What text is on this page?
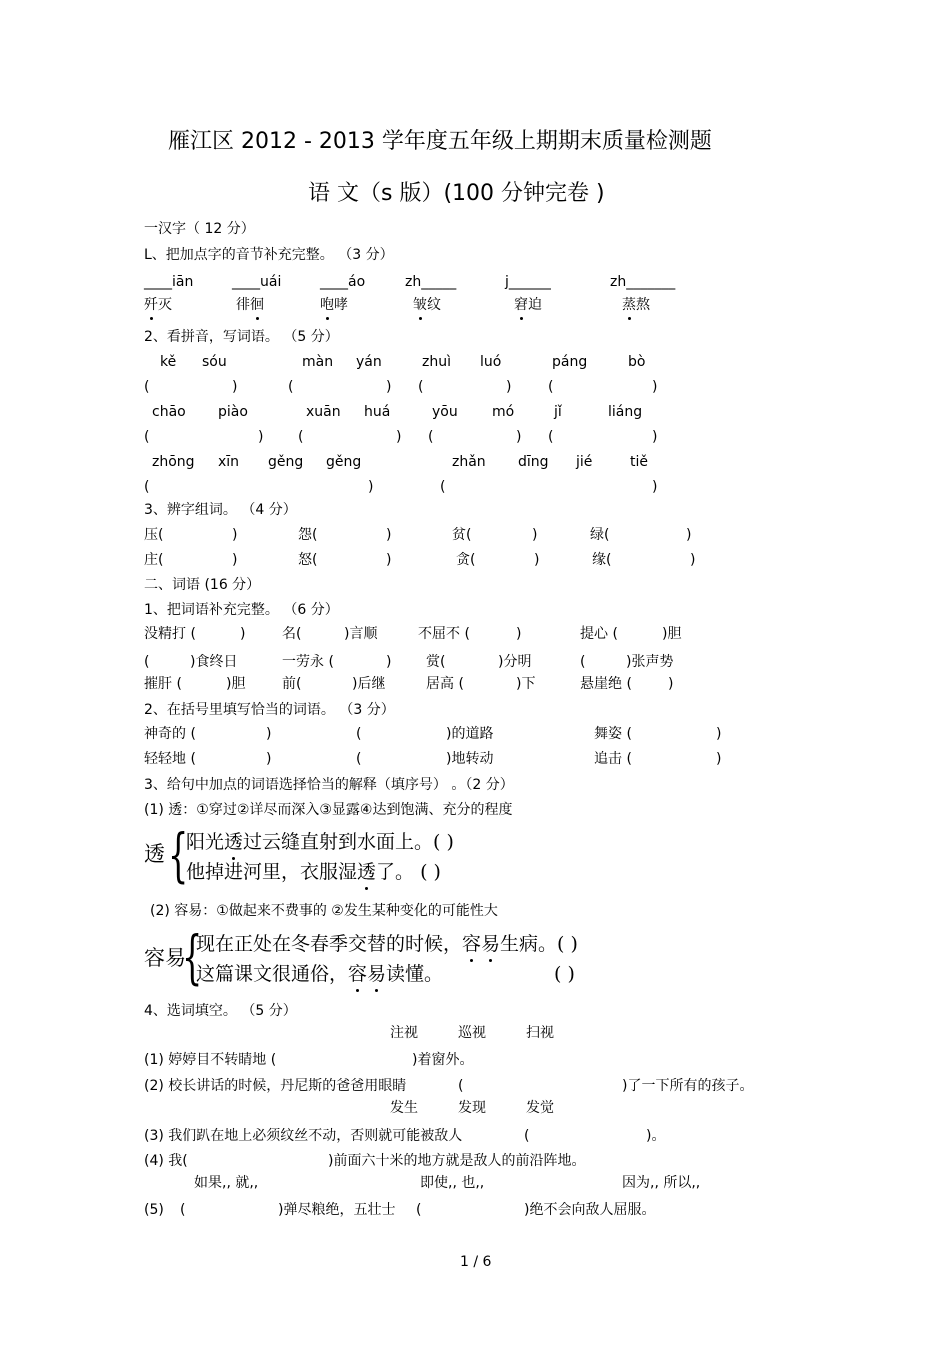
雁江区 2012 - 2013 学年度五年级上期期末质量检测题
语 文（s 版）(100 分钟完卷 )
一汉字（ 12 分）
L、把加点字的音节补充完整。 （3 分）
____iān	____uái	____áo	zh_____	j______	zh_______
歼灭	徘徊	咆哮	皱纹	窘迫	蒸熬
2、看拼音，写词语。 （5 分）
kě sóu	màn yán	zhuì luó	páng	bò
(	)	(	) (	)	(	)
chāo piào	xuān huá	yōu mó	jǐ	liáng
(	) (	) (	) (	)
zhōng xīn gěng gěng	zhǎn dīng jié	tiě
(	)	(	)
3、辨字组词。 （4 分）
压(	)	怨(	)	贫(	)	绿(	)
庄(	)	怒(	)	贪(	)	缘(	)
二、词语 (16 分）
1、把词语补充完整。 （6 分）
没精打 (	)	名(	)言顺	不屈不 (	)	提心 (	)胆
(	)食终日	一劳永 (	) 赏(	)分明	(	)张声势
摧肝 (	)胆	前(	)后继	居高 (	)下	悬崖绝 (	)
2、在括号里填写恰当的词语。 （3 分）
神奇的 (	)	(	)的道路	舞姿 (	)
轻轻地 (	)	(	)地转动	追击 (	)
3、给句中加点的词语选择恰当的解释（填序号） 。（2 分）
(1) 透：①穿过②详尽而深入③显露④达到饱满、充分的程度
透 {
阳光透过云缝直射到水面上。( )
他掉进河里，衣服湿透了。 ( )
(2) 容易：①做起来不费事的 ②发生某种变化的可能性大
容易
{
现在正处在冬春季交替的时候，容易生病。( )
这篇课文很通俗，容易读懂。	( )
4、选词填空。 （5 分）
注视	巡视	扫视
(1) 婷婷目不转睛地 (	)着窗外。
(2) 校长讲话的时候，丹尼斯的爸爸用眼睛	(	)了一下所有的孩子。
发生	发现	发觉
(3) 我们趴在地上必须纹丝不动，否则就可能被敌人	(	)。
(4) 我(	)前面六十米的地方就是敌人的前沿阵地。
如果,, 就,,	即使,, 也,,	因为,, 所以,,
(5) (	)弹尽粮绝，五壮士 (	)绝不会向敌人屈服。
1 / 6
